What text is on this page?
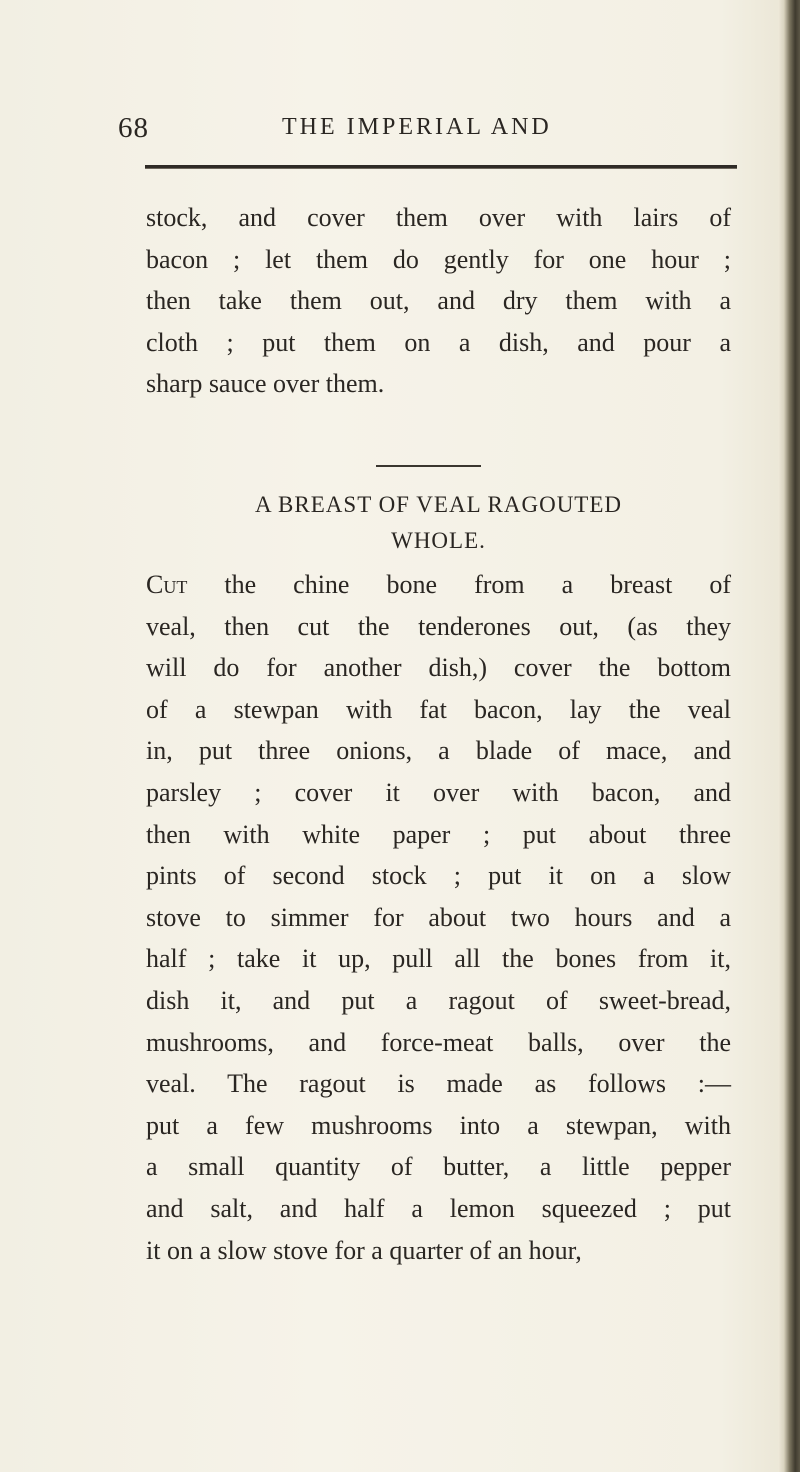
68	THE IMPERIAL AND
stock, and cover them over with lairs of
bacon ; let them do gently for one hour ;
then take them out, and dry them with a
cloth ; put them on a dish, and pour a
sharp sauce over them.
A BREAST OF VEAL RAGOUTED
WHOLE.
Cut the chine bone from a breast of
veal, then cut the tenderones out, (as they
will do for another dish,) cover the bottom
of a stewpan with fat bacon, lay the veal
in, put three onions, a blade of mace, and
parsley ; cover it over with bacon, and
then with white paper ; put about three
pints of second stock ; put it on a slow
stove to simmer for about two hours and a
half ; take it up, pull all the bones from it,
dish it, and put a ragout of sweet-bread,
mushrooms, and force-meat balls, over the
veal. The ragout is made as follows :—
put a few mushrooms into a stewpan, with
a small quantity of butter, a little pepper
and salt, and half a lemon squeezed ; put
it on a slow stove for a quarter of an hour,
